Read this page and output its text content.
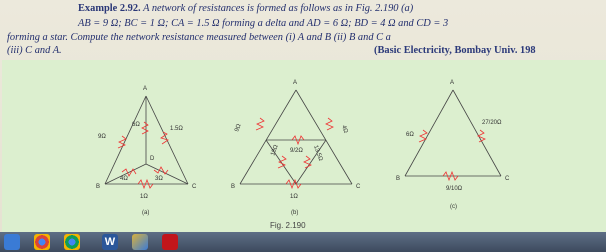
Example 2.92. A network of resistances is formed as follows as in Fig. 2.190 (a)
AB = 9 Ω; BC = 1 Ω; CA = 1.5 Ω forming a delta and AD = 6 Ω; BD = 4 Ω and CD = 3
forming a star. Compute the network resistance measured between (i) A and B (ii) B and C a
(iii) C and A.	(Basic Electricity, Bombay Univ. 198
A
B	C
D
9Ω
6Ω
1.5Ω
4Ω	3Ω
1Ω
(a)
A
B	C
9Ω
18Ω	13.5Ω
9/2Ω
1Ω
4Ω
(b)
A
B	C
6Ω
27/20Ω
9/10Ω
(c)
Fig. 2.190
W
